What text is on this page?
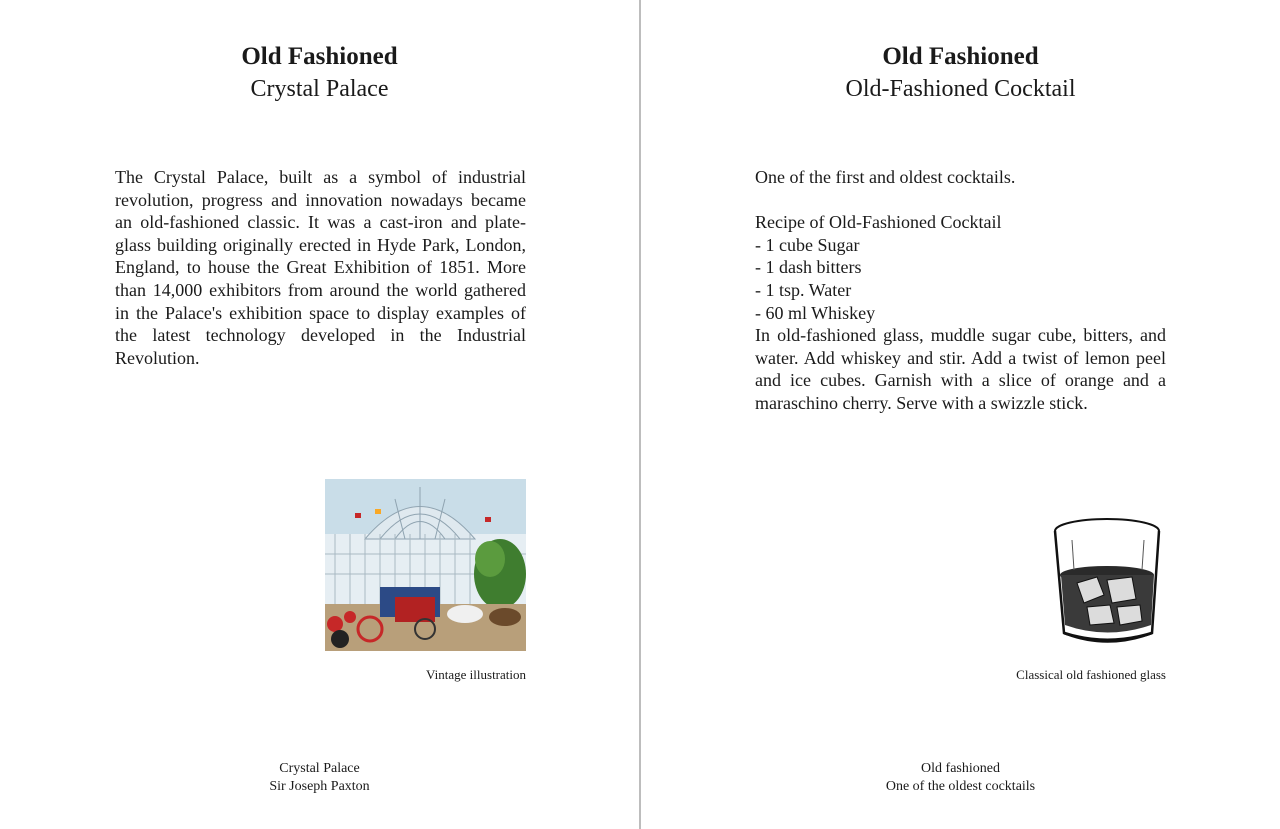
Old Fashioned
Crystal Palace

The Crystal Palace, built as a symbol of industrial revolution, progress and innovation nowadays became an old-fashioned classic. It was a cast-iron and plate-glass building originally erected in Hyde Park, London, England, to house the Great Exhibition of 1851. More than 14,000 exhibitors from around the world gathered in the Palace's exhibition space to display examples of the latest technology developed in the Industrial Revolution.

Vintage illustration
Crystal Palace
Sir Joseph Paxton
Old Fashioned
Old-Fashioned Cocktail

One of the first and oldest cocktails.

Recipe of Old-Fashioned Cocktail

- 1 cube Sugar

- 1 dash bitters

- 1 tsp. Water

- 60 ml Whiskey

In old-fashioned glass, muddle sugar cube, bitters, and water. Add whiskey and stir. Add a twist of lemon peel and ice cubes. Garnish with a slice of orange and a maraschino cherry. Serve with a swizzle stick.

Classical old fashioned glass
Old fashioned
One of the oldest cocktails
